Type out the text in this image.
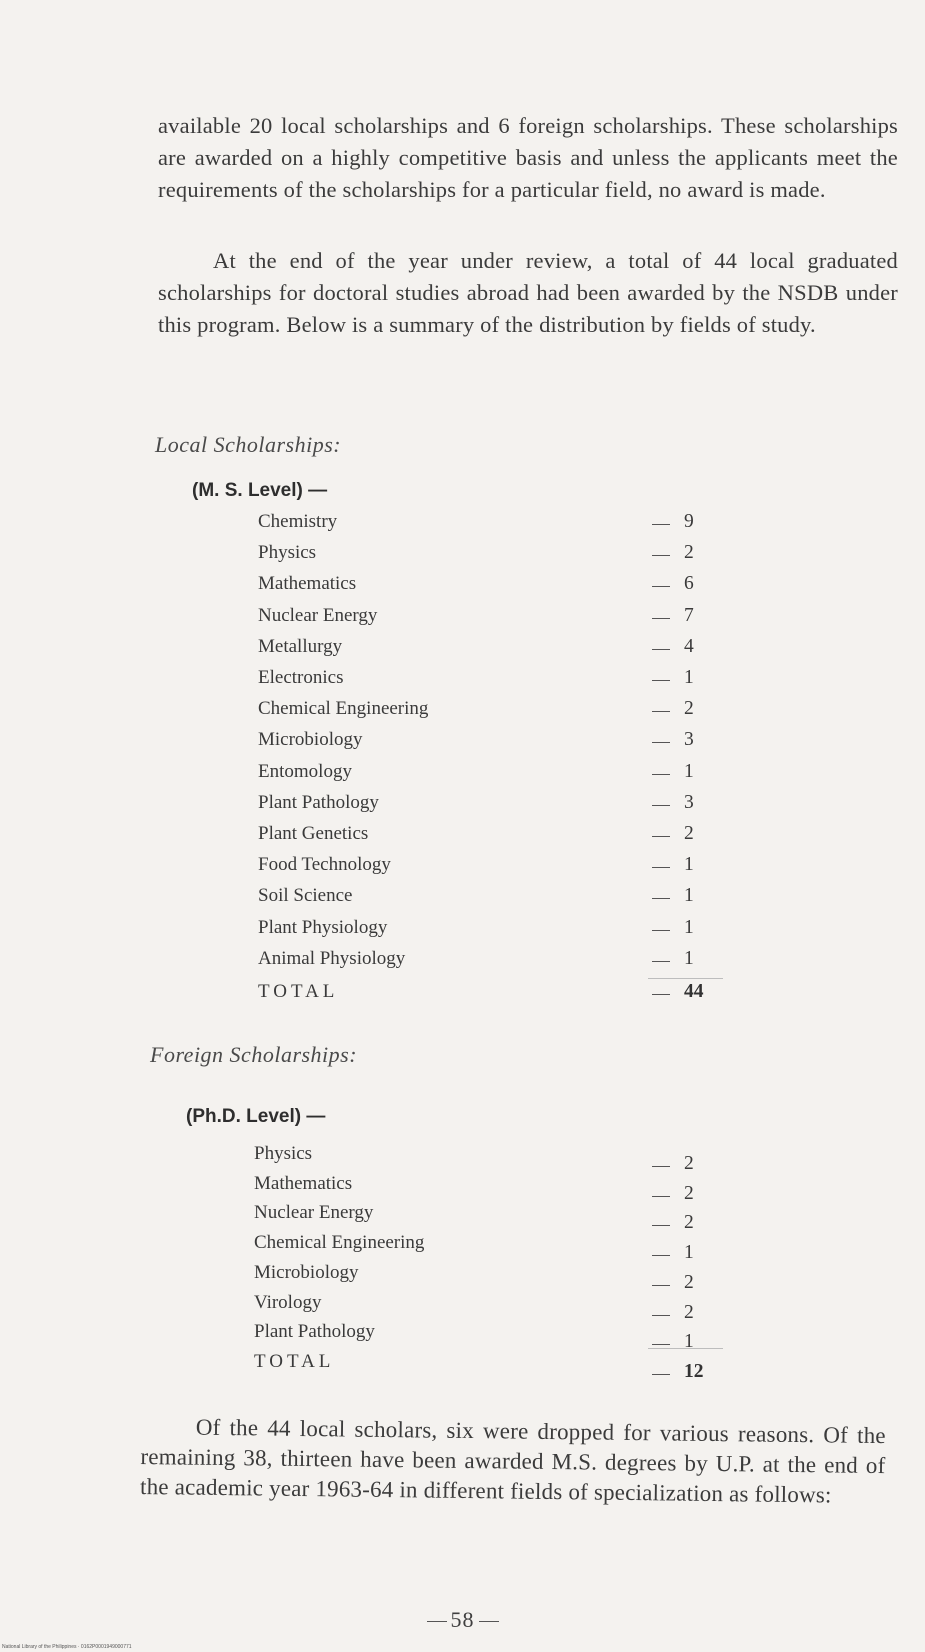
available 20 local scholarships and 6 foreign scholarships. These scholarships are awarded on a highly competitive basis and unless the applicants meet the requirements of the scholarships for a particular field, no award is made.

At the end of the year under review, a total of 44 local graduated scholarships for doctoral studies abroad had been awarded by the NSDB under this program. Below is a summary of the distribution by fields of study.

Local Scholarships:
(M. S. Level) —
Chemistry	9
Physics	2
Mathematics	6
Nuclear Energy	7
Metallurgy	4
Electronics	1
Chemical Engineering	2
Microbiology	3
Entomology	1
Plant Pathology	3
Plant Genetics	2
Food Technology	1
Soil Science	1
Plant Physiology	1
Animal Physiology	1
TOTAL	44
Foreign Scholarships:
(Ph.D. Level) —
Physics	2
Mathematics	2
Nuclear Energy	2
Chemical Engineering	1
Microbiology	2
Virology	2
Plant Pathology	1
TOTAL	12

Of the 44 local scholars, six were dropped for various reasons. Of the remaining 38, thirteen have been awarded M.S. degrees by U.P. at the end of the academic year 1963-64 in different fields of specialization as follows:

58
National Library of the Philippines · 0162P0001949000771
